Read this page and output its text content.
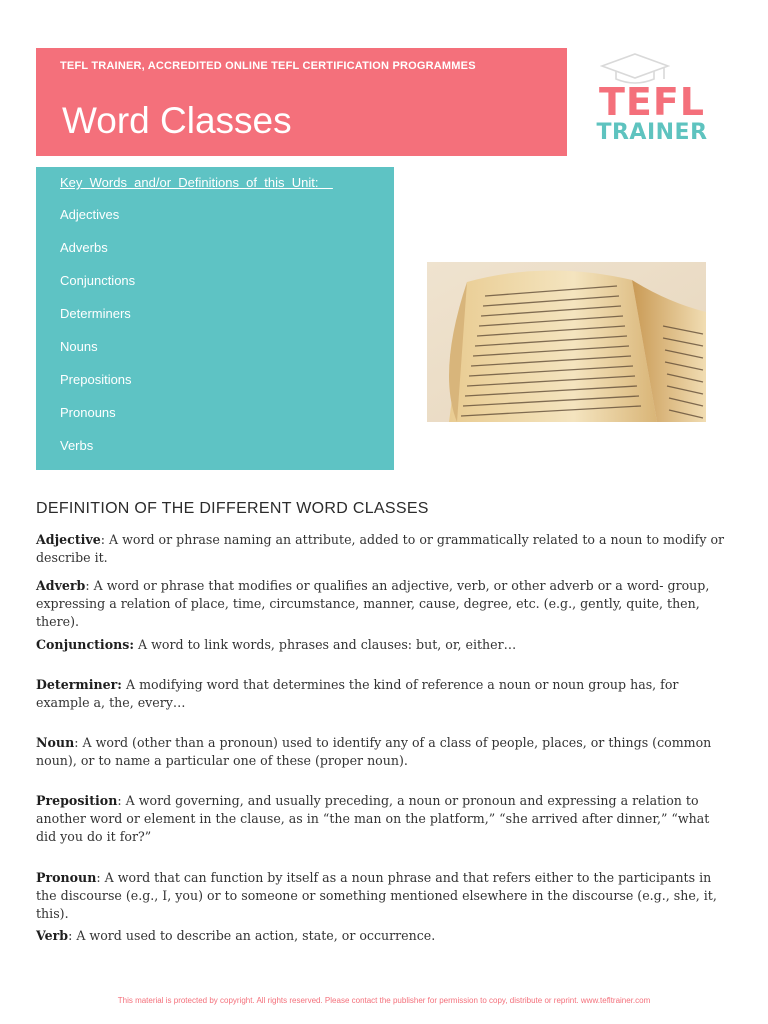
TEFL TRAINER, ACCREDITED ONLINE TEFL CERTIFICATION PROGRAMMES
Word Classes	TEFL
TRAINER
Key  Words  and/or  Definitions  of  this  Unit:
Adjectives
Adverbs
Conjunctions
Determiners
Nouns
Prepositions
Pronouns
Verbs
DEFINITION OF THE DIFFERENT WORD CLASSES
Adjective: A word or phrase naming an attribute, added to or grammatically related to a noun to modify or describe it.
Adverb: A word or phrase that modifies or qualifies an adjective, verb, or other adverb or a word- group, expressing a relation of place, time, circumstance, manner, cause, degree, etc. (e.g., gently, quite, then, there).
Conjunctions: A word to link words, phrases and clauses: but, or, either…
Determiner: A modifying word that determines the kind of reference a noun or noun group has, for example a, the, every…
Noun: A word (other than a pronoun) used to identify any of a class of people, places, or things (common noun), or to name a particular one of these (proper noun).
Preposition: A word governing, and usually preceding, a noun or pronoun and expressing a relation to another word or element in the clause, as in “the man on the platform,” “she arrived after dinner,” “what did you do it for?”
Pronoun: A word that can function by itself as a noun phrase and that refers either to the participants in the discourse (e.g., I, you) or to someone or something mentioned elsewhere in the discourse (e.g., she, it, this).
Verb: A word used to describe an action, state, or occurrence.
This material is protected by copyright. All rights reserved. Please contact the publisher for permission to copy, distribute or reprint. www.tefltrainer.com
